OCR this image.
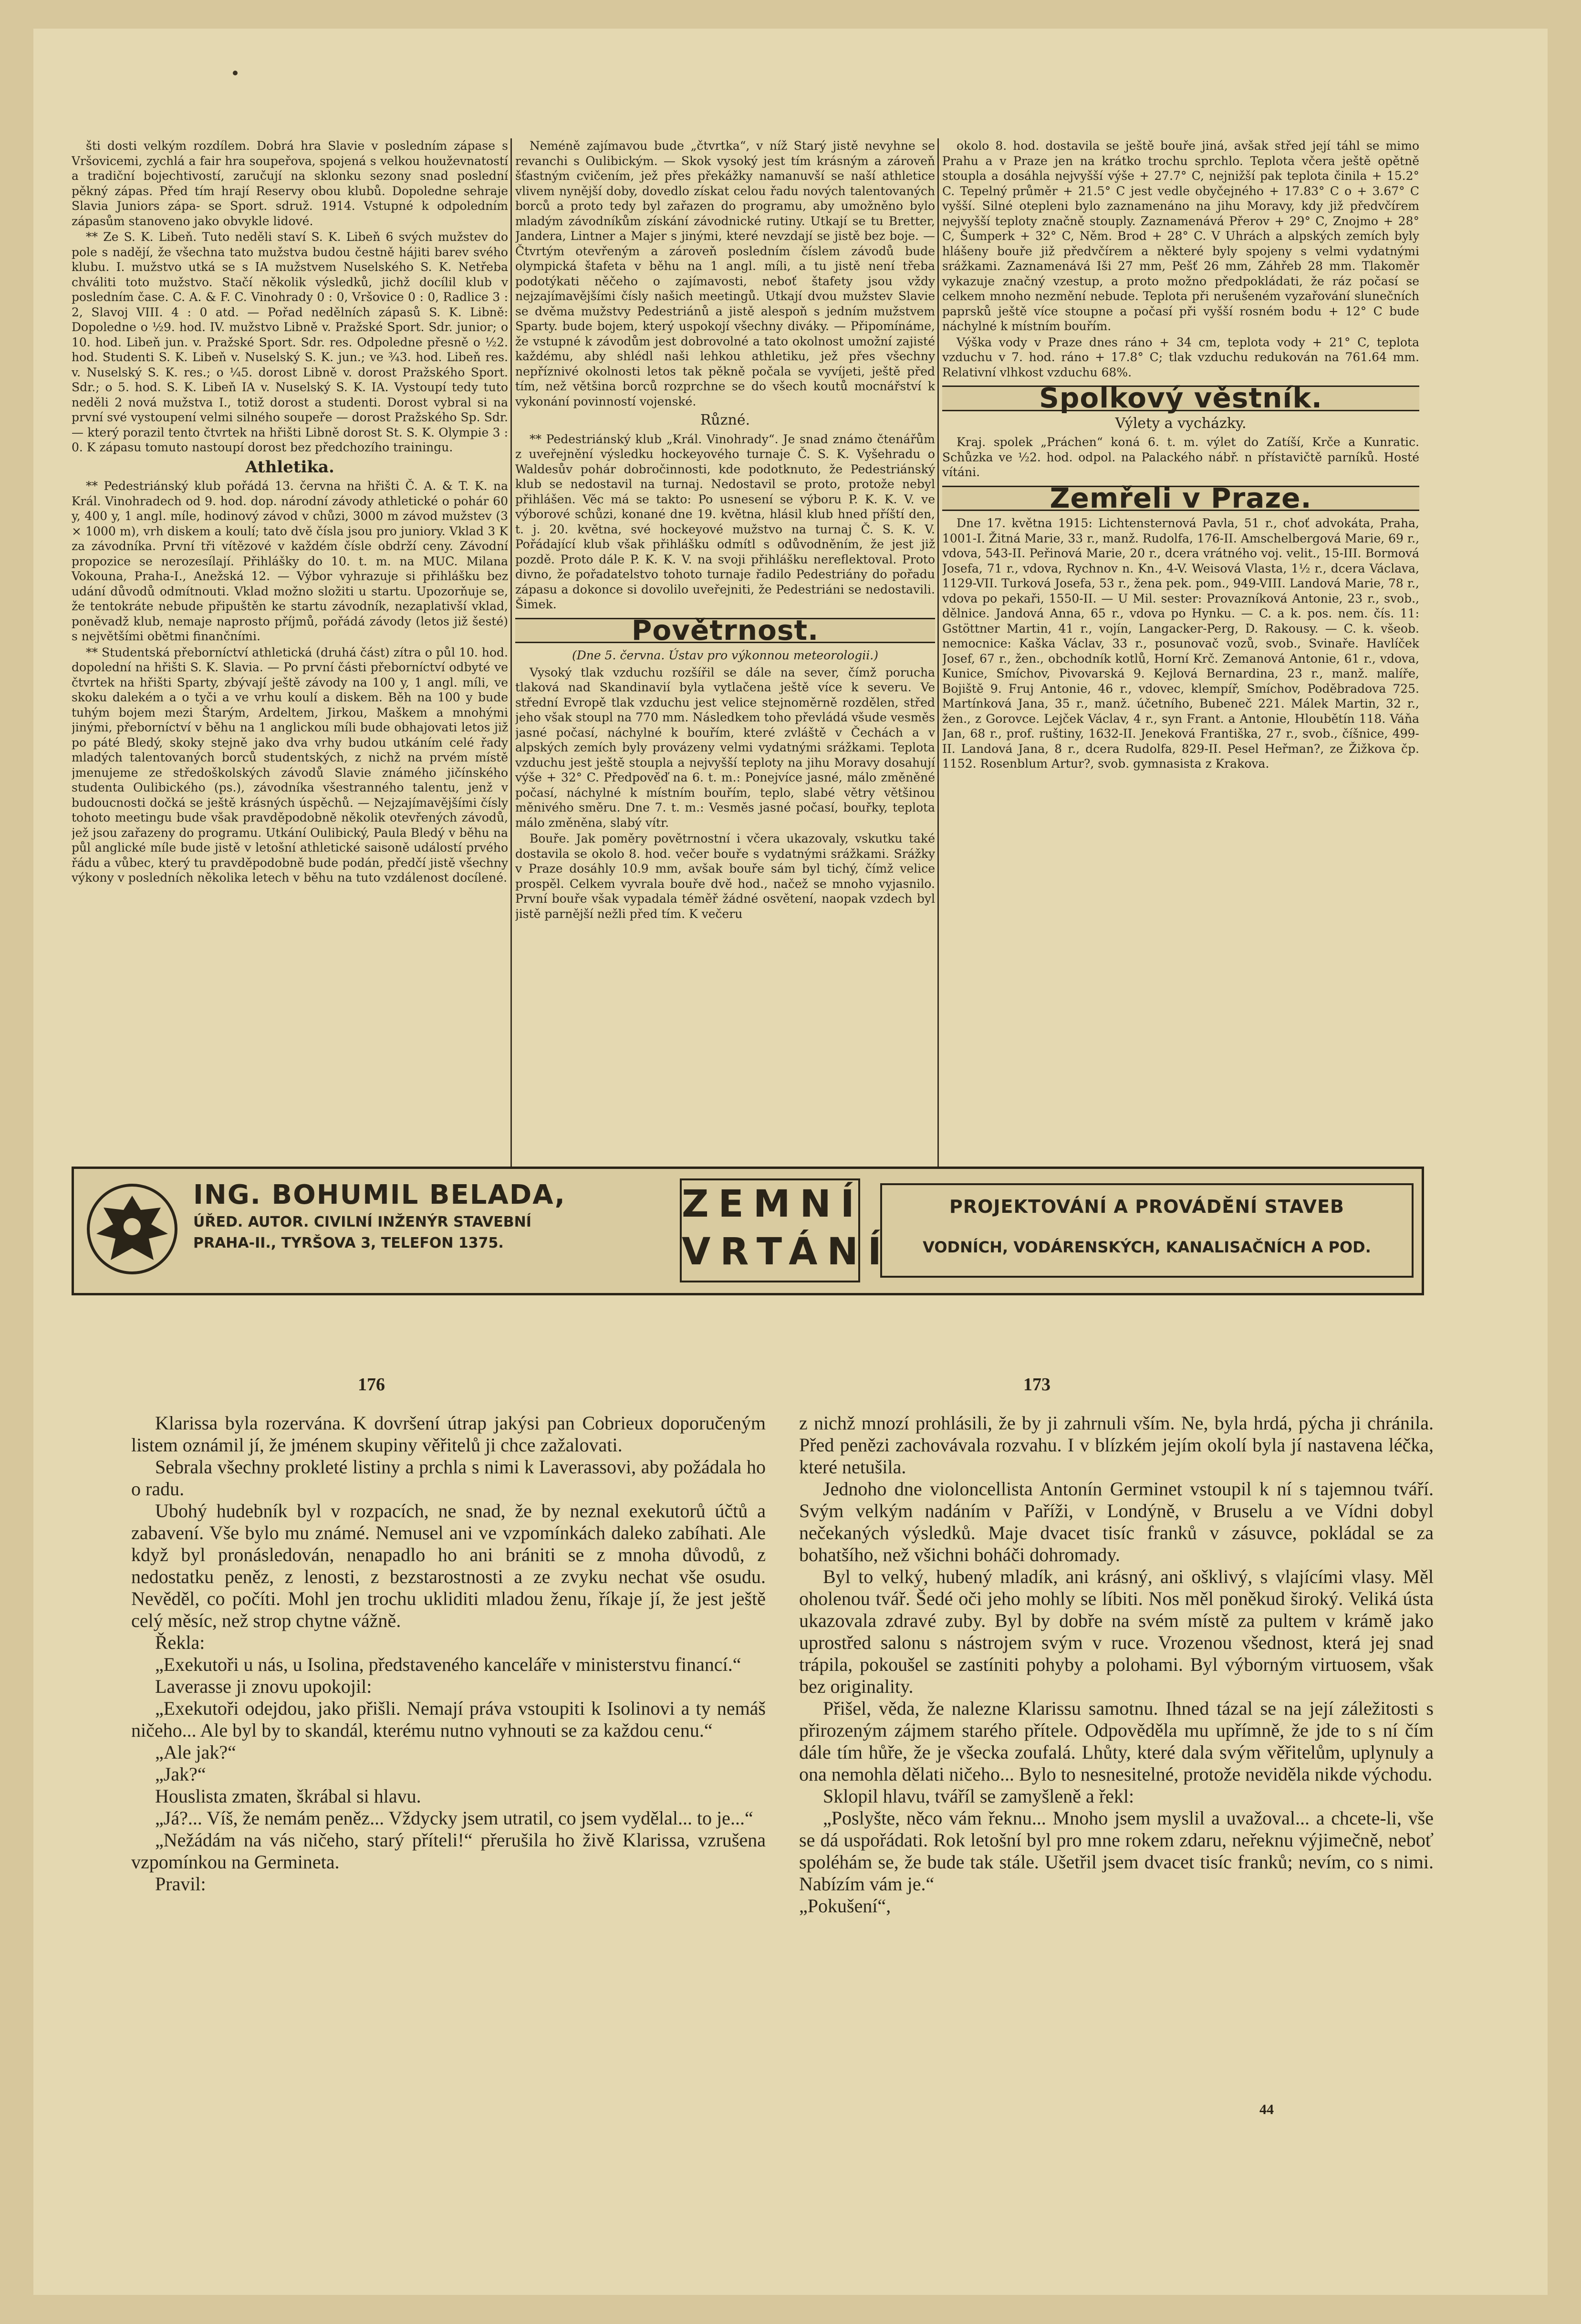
šti dosti velkým rozdílem. Dobrá hra Slavie v posledním zápase s Vršovicemi, zychlá a fair hra soupeřova, spojená s velkou houževnatostí a tradiční bojechtivostí, zaručují na sklonku sezony snad poslední pěkný zápas. Před tím hrají Reservy obou klubů. Dopoledne sehraje Slavia Juniors zápa- se Sport. sdruž. 1914. Vstupné k odpoledním zápasům stanoveno jako obvykle lidové.

** Ze S. K. Libeň. Tuto neděli staví S. K. Libeň 6 svých mužstev do pole s nadějí, že všechna tato mužstva budou čestně hájiti barev svého klubu. I. mužstvo utká se s IA mužstvem Nuselského S. K. Netřeba chváliti toto mužstvo. Stačí několik výsledků, jichž docílil klub v posledním čase. C. A. & F. C. Vinohrady 0 : 0, Vršovice 0 : 0, Radlice 3 : 2, Slavoj VIII. 4 : 0 atd. — Pořad nedělních zápasů S. K. Libně: Dopoledne o ½9. hod. IV. mužstvo Libně v. Pražské Sport. Sdr. junior; o 10. hod. Libeň jun. v. Pražské Sport. Sdr. res. Odpoledne přesně o ½2. hod. Studenti S. K. Libeň v. Nuselský S. K. jun.; ve ¾3. hod. Libeň res. v. Nuselský S. K. res.; o ¼5. dorost Libně v. dorost Pražského Sport. Sdr.; o 5. hod. S. K. Libeň IA v. Nuselský S. K. IA. Vystoupí tedy tuto neděli 2 nová mužstva I., totiž dorost a studenti. Dorost vybral si na první své vystoupení velmi silného soupeře — dorost Pražského Sp. Sdr. — který porazil tento čtvrtek na hřišti Libně dorost St. S. K. Olympie 3 : 0. K zápasu tomuto nastoupí dorost bez předchozího trainingu.

Athletika.

** Pedestriánský klub pořádá 13. června na hřišti Č. A. & T. K. na Král. Vinohradech od 9. hod. dop. národní závody athletické o pohár 60 y, 400 y, 1 angl. míle, hodinový závod v chůzi, 3000 m závod mužstev (3 × 1000 m), vrh diskem a koulí; tato dvě čísla jsou pro juniory. Vklad 3 K za závodníka. První tři vítězové v každém čísle obdrží ceny. Závodní propozice se nerozesílají. Přihlášky do 10. t. m. na MUC. Milana Vokouna, Praha-I., Anežská 12. — Výbor vyhrazuje si přihlášku bez udání důvodů odmítnouti. Vklad možno složiti u startu. Upozorňuje se, že tentokráte nebude připuštěn ke startu závodník, nezaplativší vklad, poněvadž klub, nemaje naprosto příjmů, pořádá závody (letos již šesté) s největšími obětmi finančními.

** Studentská přeborníctví athletická (druhá část) zítra o půl 10. hod. dopolední na hřišti S. K. Slavia. — Po první části přeborníctví odbyté ve čtvrtek na hřišti Sparty, zbývají ještě závody na 100 y, 1 angl. míli, ve skoku dalekém a o tyči a ve vrhu koulí a diskem. Běh na 100 y bude tuhým bojem mezi Štarým, Ardeltem, Jirkou, Maškem a mnohými jinými, přeborníctví v běhu na 1 anglickou míli bude obhajovati letos již po páté Bledý, skoky stejně jako dva vrhy budou utkáním celé řady mladých talentovaných borců studentských, z nichž na prvém místě jmenujeme ze středoškolských závodů Slavie známého jičínského studenta Oulibického (ps.), závodníka všestranného talentu, jenž v budoucnosti dočká se ještě krásných úspěchů. — Nejzajímavějšími čísly tohoto meetingu bude však pravděpodobně několik otevřených závodů, jež jsou zařazeny do programu. Utkání Oulibický, Paula Bledý v běhu na půl anglické míle bude jistě v letošní athletické saisoně událostí prvého řádu a vůbec, který tu pravděpodobně bude podán, předčí jistě všechny výkony v posledních několika letech v běhu na tuto vzdálenost docílené.

Neméně zajímavou bude „čtvrtka“, v níž Starý jistě nevyhne se revanchi s Oulibickým. — Skok vysoký jest tím krásným a zároveň šťastným cvičením, jež přes překážky namanuvší se naší athletice vlivem nynější doby, dovedlo získat celou řadu nových talentovaných borců a proto tedy byl zařazen do programu, aby umožněno bylo mladým závodníkům získání závodnické rutiny. Utkají se tu Bretter, Jandera, Lintner a Majer s jinými, které nevzdají se jistě bez boje. — Čtvrtým otevřeným a zároveň posledním číslem závodů bude olympická štafeta v běhu na 1 angl. míli, a tu jistě není třeba podotýkati něčeho o zajímavosti, neboť štafety jsou vždy nejzajímavějšími čísly našich meetingů. Utkají dvou mužstev Slavie se dvěma mužstvy Pedestriánů a jistě alespoň s jedním mužstvem Sparty. bude bojem, který uspokojí všechny diváky. — Připomínáme, že vstupné k závodům jest dobrovolné a tato okolnost umožní zajisté každému, aby shlédl naši lehkou athletiku, jež přes všechny nepříznivé okolnosti letos tak pěkně počala se vyvíjeti, ještě před tím, než většina borců rozprchne se do všech koutů mocnářství k vykonání povinností vojenské.

Různé.

** Pedestriánský klub „Král. Vinohrady“. Je snad známo čtenářům z uveřejnění výsledku hockeyového turnaje Č. S. K. Vyšehradu o Waldesův pohár dobročinnosti, kde podotknuto, že Pedestriánský klub se nedostavil na turnaj. Nedostavil se proto, protože nebyl přihlášen. Věc má se takto: Po usnesení se výboru P. K. K. V. ve výborové schůzi, konané dne 19. května, hlásil klub hned příští den, t. j. 20. května, své hockeyové mužstvo na turnaj Č. S. K. V. Pořádající klub však přihlášku odmítl s odůvodněním, že jest již pozdě. Proto dále P. K. K. V. na svoji přihlášku nereflektoval. Proto divno, že pořadatelstvo tohoto turnaje řadilo Pedestriány do pořadu zápasu a dokonce si dovolilo uveřejniti, že Pedestriáni se nedostavili. Šimek.

Povětrnost.

(Dne 5. června. Ústav pro výkonnou meteorologii.)

Vysoký tlak vzduchu rozšířil se dále na sever, čímž porucha tlaková nad Skandinavií byla vytlačena ještě více k severu. Ve střední Evropě tlak vzduchu jest velice stejnoměrně rozdělen, střed jeho však stoupl na 770 mm. Následkem toho převládá všude vesměs jasné počasí, náchylné k bouřím, které zvláště v Čechách a v alpských zemích byly provázeny velmi vydatnými srážkami. Teplota vzduchu jest ještě stoupla a nejvyšší teploty na jihu Moravy dosahují výše + 32° C. Předpověď na 6. t. m.: Ponejvíce jasné, málo změněné počasí, náchylné k místním bouřím, teplo, slabé větry většinou měnivého směru. Dne 7. t. m.: Vesměs jasné počasí, bouřky, teplota málo změněna, slabý vítr.

Bouře. Jak poměry povětrnostní i včera ukazovaly, vskutku také dostavila se okolo 8. hod. večer bouře s vydatnými srážkami. Srážky v Praze dosáhly 10.9 mm, avšak bouře sám byl tichý, čímž velice prospěl. Celkem vyvrala bouře dvě hod., načež se mnoho vyjasnilo. První bouře však vypadala téměř žádné osvětení, naopak vzdech byl jistě parnější nežli před tím. K večeru

okolo 8. hod. dostavila se ještě bouře jiná, avšak střed její táhl se mimo Prahu a v Praze jen na krátko trochu sprchlo. Teplota včera ještě opětně stoupla a dosáhla nejvyšší výše + 27.7° C, nejnižší pak teplota činila + 15.2° C. Tepelný průměr + 21.5° C jest vedle obyčejného + 17.83° C o + 3.67° C vyšší. Silné otepleni bylo zaznamenáno na jihu Moravy, kdy již předvčírem nejvyšší teploty značně stouply. Zaznamenává Přerov + 29° C, Znojmo + 28° C, Šumperk + 32° C, Něm. Brod + 28° C. V Uhrách a alpských zemích byly hlášeny bouře již předvčírem a některé byly spojeny s velmi vydatnými srážkami. Zaznamenává Iši 27 mm, Pešť 26 mm, Záhřeb 28 mm. Tlakoměr vykazuje značný vzestup, a proto možno předpokládati, že ráz počasí se celkem mnoho nezmění nebude. Teplota při nerušeném vyzařování slunečních paprsků ještě více stoupne a počasí při vyšší rosném bodu + 12° C bude náchylné k místním bouřím.

Výška vody v Praze dnes ráno + 34 cm, teplota vody + 21° C, teplota vzduchu v 7. hod. ráno + 17.8° C; tlak vzduchu redukován na 761.64 mm. Relativní vlhkost vzduchu 68%.

Spolkový věstník.

Výlety a vycházky.

Kraj. spolek „Práchen“ koná 6. t. m. výlet do Zatíší, Krče a Kunratic. Schůzka ve ½2. hod. odpol. na Palackého nábř. n přístavičtě parníků. Hosté vítáni.

Zemřeli v Praze.

Dne 17. května 1915: Lichtensternová Pavla, 51 r., choť advokáta, Praha, 1001-I. Žitná Marie, 33 r., manž. Rudolfa, 176-II. Amschelbergová Marie, 69 r., vdova, 543-II. Peřinová Marie, 20 r., dcera vrátného voj. velit., 15-III. Bormová Josefa, 71 r., vdova, Rychnov n. Kn., 4-V. Weisová Vlasta, 1½ r., dcera Václava, 1129-VII. Turková Josefa, 53 r., žena pek. pom., 949-VIII. Landová Marie, 78 r., vdova po pekaři, 1550-II. — U Mil. sester: Provazníková Antonie, 23 r., svob., dělnice. Jandová Anna, 65 r., vdova po Hynku. — C. a k. pos. nem. čís. 11: Gstöttner Martin, 41 r., vojín, Langacker-Perg, D. Rakousy. — C. k. všeob. nemocnice: Kaška Václav, 33 r., posunovač vozů, svob., Svinaře. Havlíček Josef, 67 r., žen., obchodník kotlů, Horní Krč. Zemanová Antonie, 61 r., vdova, Kunice, Smíchov, Pivovarská 9. Kejlová Bernardina, 23 r., manž. malíře, Bojiště 9. Fruj Antonie, 46 r., vdovec, klempíř, Smíchov, Poděbradova 725. Martínková Jana, 35 r., manž. účetního, Bubeneč 221. Málek Martin, 32 r., žen., z Gorovce. Lejček Václav, 4 r., syn Frant. a Antonie, Hloubětín 118. Váňa Jan, 68 r., prof. ruštiny, 1632-II. Jeneková Františka, 27 r., svob., číšnice, 499-II. Landová Jana, 8 r., dcera Rudolfa, 829-II. Pesel Heřman?, ze Žižkova čp. 1152. Rosenblum Artur?, svob. gymnasista z Krakova.

ING. BOHUMIL BELADA,
ÚŘED. AUTOR. CIVILNÍ INŽENÝR STAVEBNÍ
PRAHA-II., TYRŠOVA 3, TELEFON 1375.
ZEMNÍ
VRTÁNÍ
PROJEKTOVÁNÍ A PROVÁDĚNÍ STAVEB
VODNÍCH, VODÁRENSKÝCH, KANALISAČNÍCH A POD.
176	173

Klarissa byla rozervána. K dovršení útrap jakýsi pan Cobrieux doporučeným listem oznámil jí, že jménem skupiny věřitelů ji chce zažalovati.

Sebrala všechny prokleté listiny a prchla s nimi k Laverassovi, aby požádala ho o radu.

Ubohý hudebník byl v rozpacích, ne snad, že by neznal exekutorů účtů a zabavení. Vše bylo mu známé. Nemusel ani ve vzpomínkách daleko zabíhati. Ale když byl pronásledován, nenapadlo ho ani brániti se z mnoha důvodů, z nedostatku peněz, z lenosti, z bezstarostnosti a ze zvyku nechat vše osudu. Nevěděl, co počíti. Mohl jen trochu ukliditi mladou ženu, říkaje jí, že jest ještě celý měsíc, než strop chytne vážně.

Řekla:

„Exekutoři u nás, u Isolina, představeného kanceláře v ministerstvu financí.“

Laverasse ji znovu upokojil:

„Exekutoři odejdou, jako přišli. Nemají práva vstoupiti k Isolinovi a ty nemáš ničeho... Ale byl by to skandál, kterému nutno vyhnouti se za každou cenu.“

„Ale jak?“

„Jak?“

Houslista zmaten, škrábal si hlavu.

„Já?... Víš, že nemám peněz... Vždycky jsem utratil, co jsem vydělal... to je...“

„Nežádám na vás ničeho, starý příteli!“ přerušila ho živě Klarissa, vzrušena vzpomínkou na Germineta.

Pravil:

z nichž mnozí prohlásili, že by ji zahrnuli vším. Ne, byla hrdá, pýcha ji chránila. Před penězi zachovávala rozvahu. I v blízkém jejím okolí byla jí nastavena léčka, které netušila.

Jednoho dne violoncellista Antonín Germinet vstoupil k ní s tajemnou tváří. Svým velkým nadáním v Paříži, v Londýně, v Bruselu a ve Vídni dobyl nečekaných výsledků. Maje dvacet tisíc franků v zásuvce, pokládal se za bohatšího, než všichni boháči dohromady.

Byl to velký, hubený mladík, ani krásný, ani ošklivý, s vlajícími vlasy. Měl oholenou tvář. Šedé oči jeho mohly se líbiti. Nos měl poněkud široký. Veliká ústa ukazovala zdravé zuby. Byl by dobře na svém místě za pultem v krámě jako uprostřed salonu s nástrojem svým v ruce. Vrozenou všednost, která jej snad trápila, pokoušel se zastíniti pohyby a polohami. Byl výborným virtuosem, však bez originality.

Přišel, věda, že nalezne Klarissu samotnu. Ihned tázal se na její záležitosti s přirozeným zájmem starého přítele. Odpověděla mu upřímně, že jde to s ní čím dále tím hůře, že je všecka zoufalá. Lhůty, které dala svým věřitelům, uplynuly a ona nemohla dělati ničeho... Bylo to nesnesitelné, protože neviděla nikde východu.

Sklopil hlavu, tváříl se zamyšleně a řekl:

„Poslyšte, něco vám řeknu... Mnoho jsem myslil a uvažoval... a chcete-li, vše se dá uspořádati. Rok letošní byl pro mne rokem zdaru, neřeknu výjimečně, neboť spoléhám se, že bude tak stále. Ušetřil jsem dvacet tisíc franků; nevím, co s nimi. Nabízím vám je.“

„Pokušení“,

44
